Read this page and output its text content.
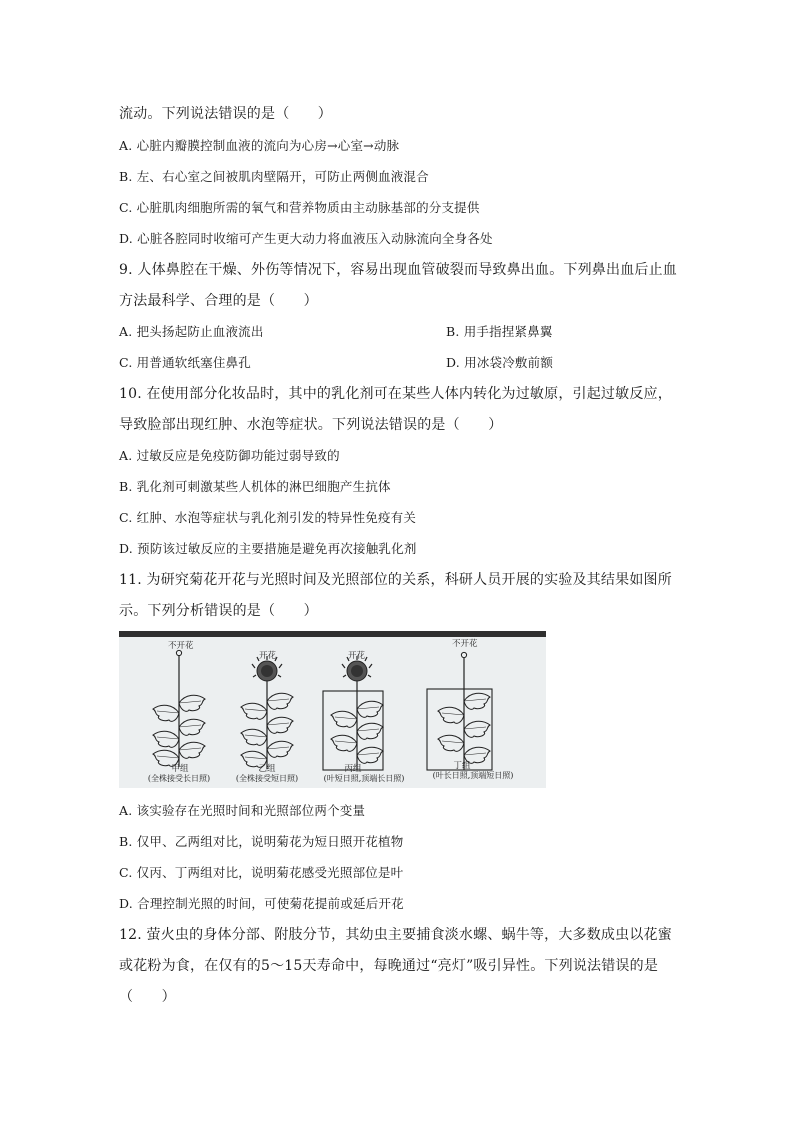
流动。下列说法错误的是（　　）
A. 心脏内瓣膜控制血液的流向为心房→心室→动脉
B. 左、右心室之间被肌肉壁隔开，可防止两侧血液混合
C. 心脏肌肉细胞所需的氧气和营养物质由主动脉基部的分支提供
D. 心脏各腔同时收缩可产生更大动力将血液压入动脉流向全身各处
9. 人体鼻腔在干燥、外伤等情况下，容易出现血管破裂而导致鼻出血。下列鼻出血后止血
方法最科学、合理的是（　　）
A. 把头扬起防止血液流出	B. 用手指捏紧鼻翼
C. 用普通软纸塞住鼻孔	D. 用冰袋冷敷前额
10. 在使用部分化妆品时，其中的乳化剂可在某些人体内转化为过敏原，引起过敏反应，
导致脸部出现红肿、水泡等症状。下列说法错误的是（　　）
A. 过敏反应是免疫防御功能过弱导致的
B. 乳化剂可刺激某些人机体的淋巴细胞产生抗体
C. 红肿、水泡等症状与乳化剂引发的特异性免疫有关
D. 预防该过敏反应的主要措施是避免再次接触乳化剂
11. 为研究菊花开花与光照时间及光照部位的关系，科研人员开展的实验及其结果如图所
示。下列分析错误的是（　　）
不开花
开花	开花
不开花
甲组
(全株接受长日照)
乙组
(全株接受短日照)
丙组
(叶短日照,顶端长日照)
丁组
(叶长日照,顶端短日照)
A. 该实验存在光照时间和光照部位两个变量
B. 仅甲、乙两组对比，说明菊花为短日照开花植物
C. 仅丙、丁两组对比，说明菊花感受光照部位是叶
D. 合理控制光照的时间，可使菊花提前或延后开花
12. 萤火虫的身体分部、附肢分节，其幼虫主要捕食淡水螺、蜗牛等，大多数成虫以花蜜
或花粉为食，在仅有的5～15天寿命中，每晚通过“亮灯”吸引异性。下列说法错误的是
（　　）
